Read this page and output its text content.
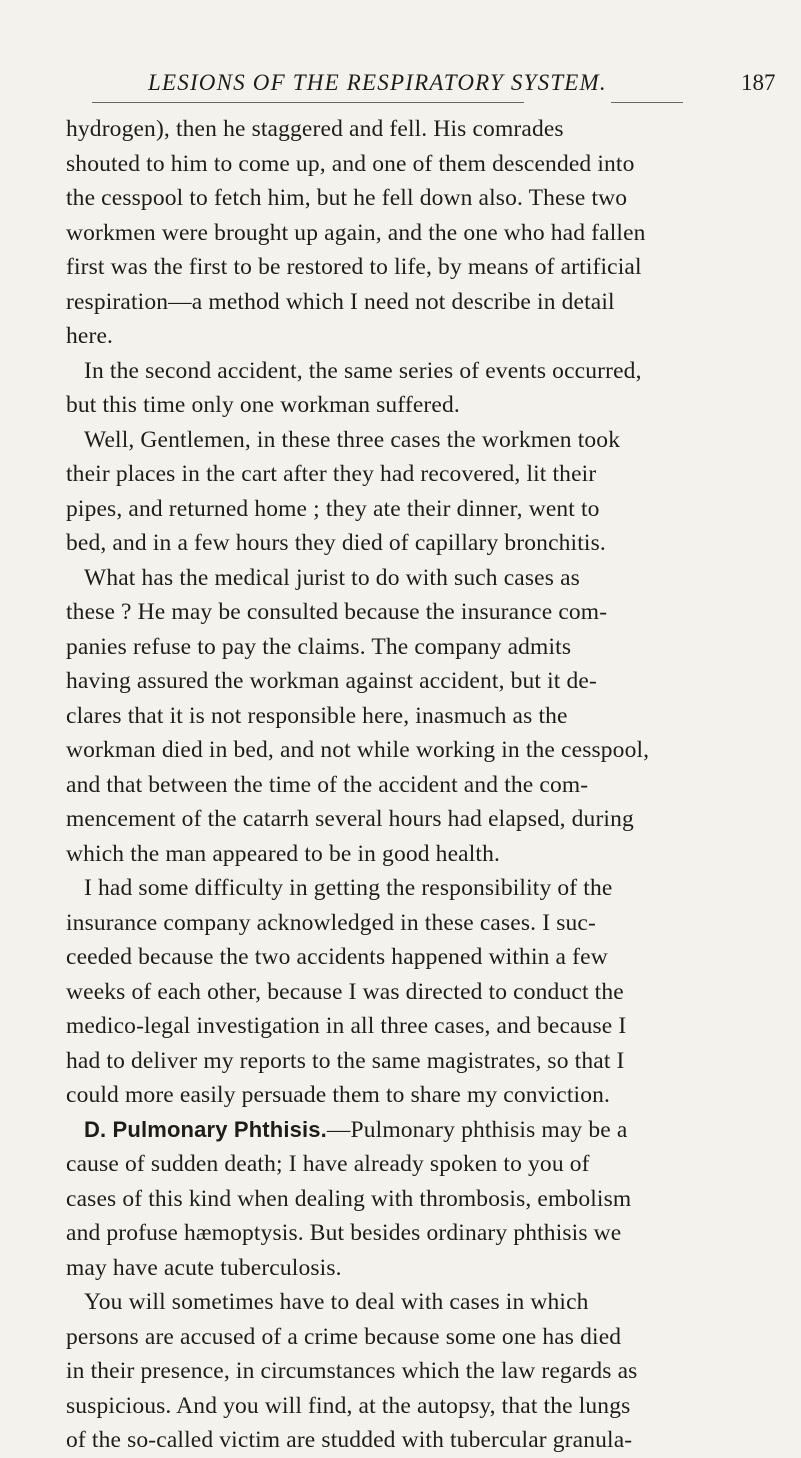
LESIONS OF THE RESPIRATORY SYSTEM.	187
hydrogen), then he staggered and fell. His comrades
shouted to him to come up, and one of them descended into
the cesspool to fetch him, but he fell down also. These two
workmen were brought up again, and the one who had fallen
first was the first to be restored to life, by means of artificial
respiration—a method which I need not describe in detail
here.
In the second accident, the same series of events occurred,
but this time only one workman suffered.
Well, Gentlemen, in these three cases the workmen took
their places in the cart after they had recovered, lit their
pipes, and returned home ; they ate their dinner, went to
bed, and in a few hours they died of capillary bronchitis.
What has the medical jurist to do with such cases as
these ? He may be consulted because the insurance com-
panies refuse to pay the claims. The company admits
having assured the workman against accident, but it de-
clares that it is not responsible here, inasmuch as the
workman died in bed, and not while working in the cesspool,
and that between the time of the accident and the com-
mencement of the catarrh several hours had elapsed, during
which the man appeared to be in good health.
I had some difficulty in getting the responsibility of the
insurance company acknowledged in these cases. I suc-
ceeded because the two accidents happened within a few
weeks of each other, because I was directed to conduct the
medico-legal investigation in all three cases, and because I
had to deliver my reports to the same magistrates, so that I
could more easily persuade them to share my conviction.
D. Pulmonary Phthisis.—Pulmonary phthisis may be a
cause of sudden death; I have already spoken to you of
cases of this kind when dealing with thrombosis, embolism
and profuse hæmoptysis. But besides ordinary phthisis we
may have acute tuberculosis.
You will sometimes have to deal with cases in which
persons are accused of a crime because some one has died
in their presence, in circumstances which the law regards as
suspicious. And you will find, at the autopsy, that the lungs
of the so-called victim are studded with tubercular granula-
